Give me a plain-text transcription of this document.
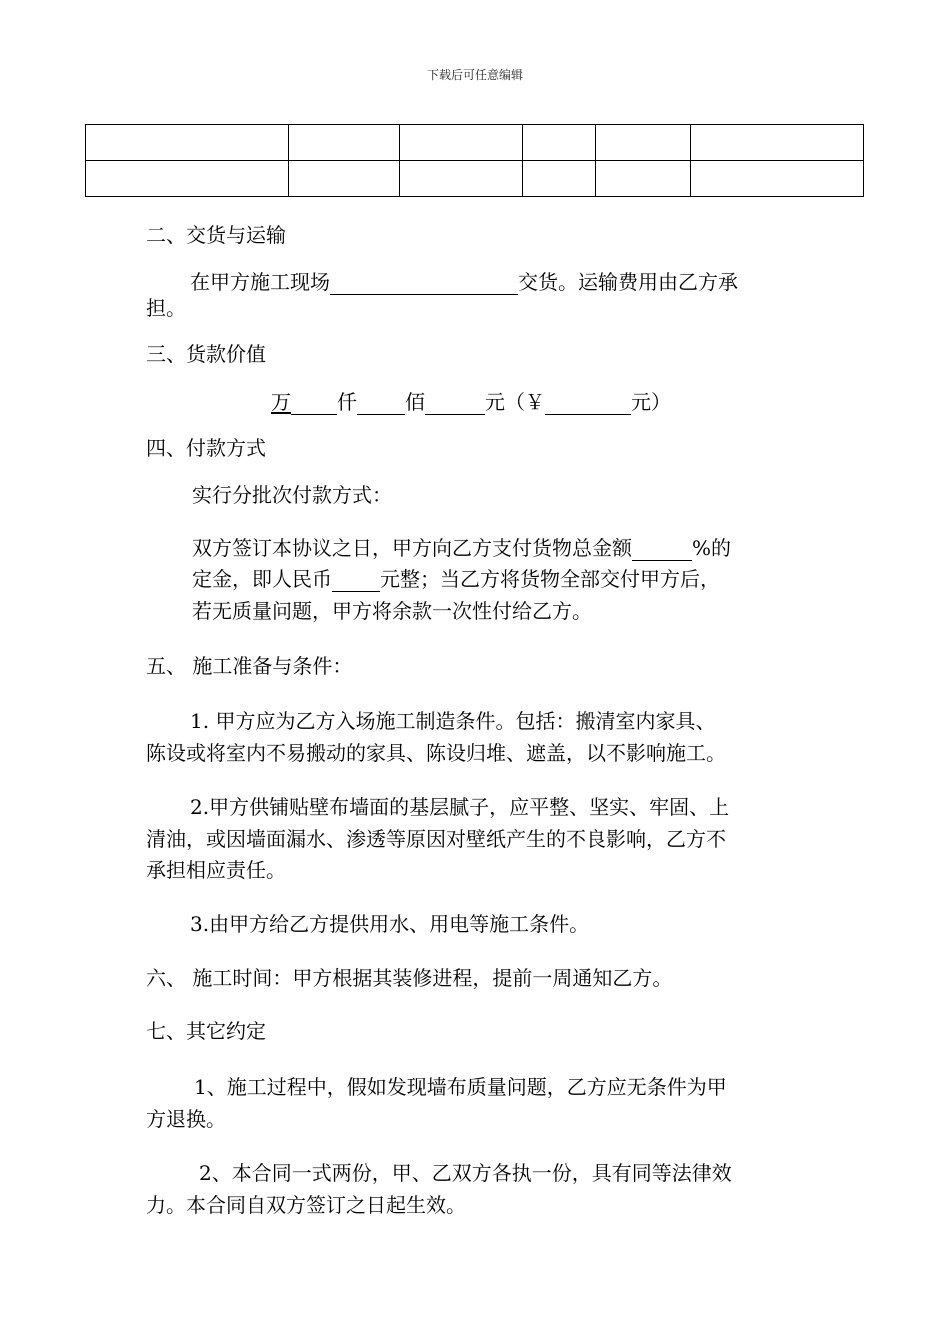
下载后可任意编辑

二、交货与运输
在甲方施工现场	交货。运输费用由乙方承
担。
三、货款价值
万 仟 佰	元（￥	元）
四、付款方式
实行分批次付款方式：
双方签订本协议之日，甲方向乙方支付货物总金额	%的
定金，即人民币 元整；当乙方将货物全部交付甲方后，
若无质量问题，甲方将余款一次性付给乙方。
五、 施工准备与条件：
1. 甲方应为乙方入场施工制造条件。包括：搬清室内家具、
陈设或将室内不易搬动的家具、陈设归堆、遮盖，以不影响施工。
2.甲方供铺贴壁布墙面的基层腻子，应平整、坚实、牢固、上
清油，或因墙面漏水、渗透等原因对壁纸产生的不良影响，乙方不
承担相应责任。
3.由甲方给乙方提供用水、用电等施工条件。
六、 施工时间：甲方根据其装修进程，提前一周通知乙方。
七、其它约定
1、施工过程中，假如发现墙布质量问题，乙方应无条件为甲
方退换。
2、本合同一式两份，甲、乙双方各执一份，具有同等法律效
力。本合同自双方签订之日起生效。
